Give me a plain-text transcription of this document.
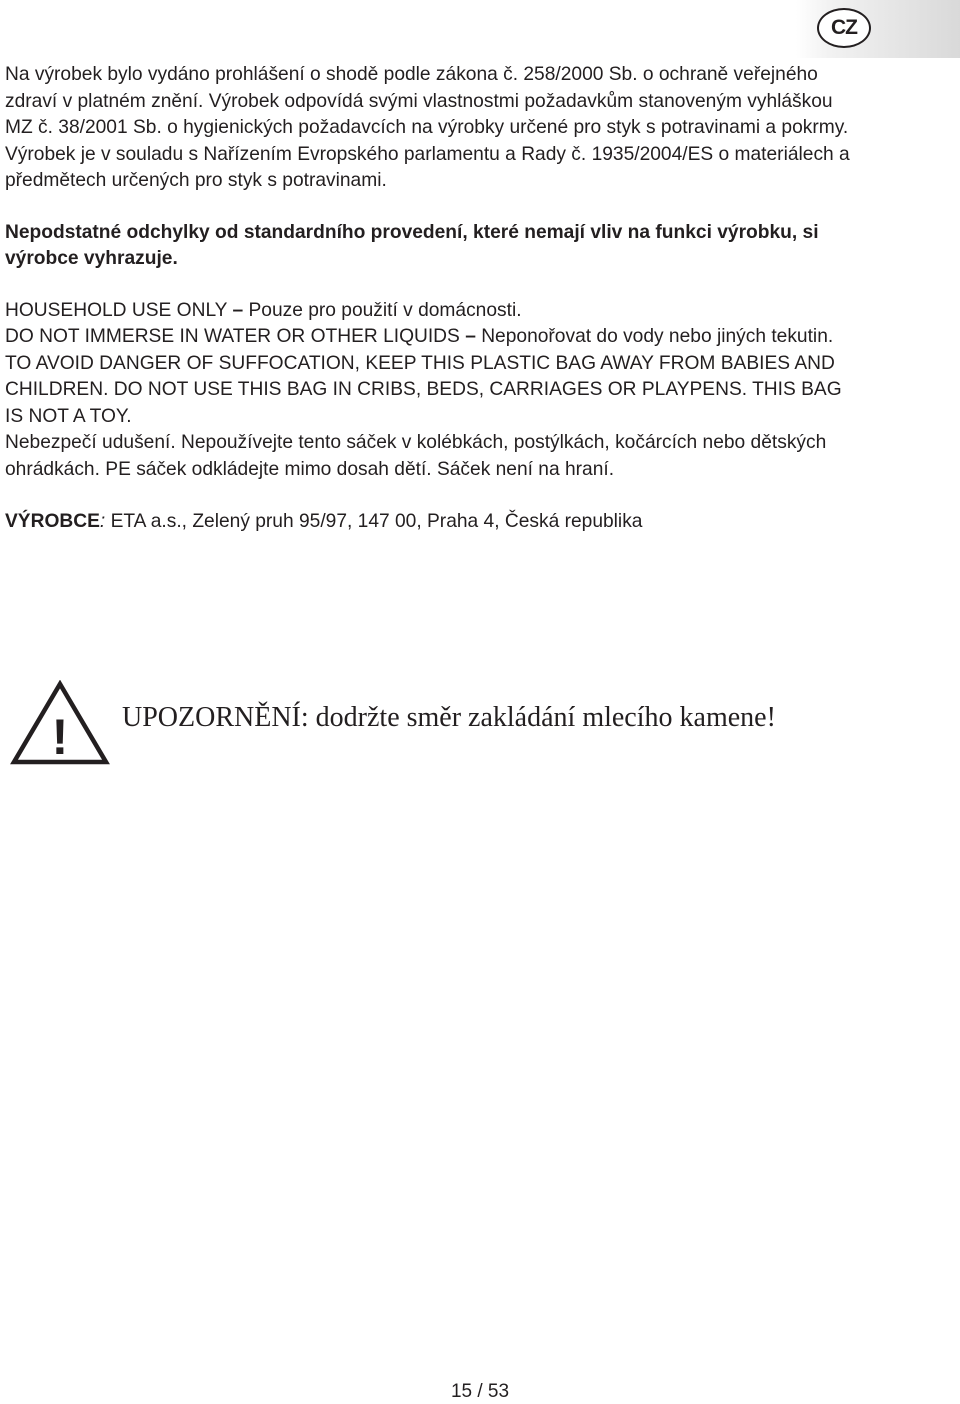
CZ

Na výrobek bylo vydáno prohlášení o shodě podle zákona č. 258/2000 Sb. o ochraně veřejného zdraví v platném znění. Výrobek odpovídá svými vlastnostmi požadavkům stanoveným vyhláškou MZ č. 38/2001 Sb. o hygienických požadavcích na výrobky určené pro styk s potravinami a pokrmy. Výrobek je v souladu s Nařízením Evropského parlamentu a Rady č. 1935/2004/ES o materiálech a předmětech určených pro styk s potravinami.

Nepodstatné odchylky od standardního provedení, které nemají vliv na funkci výrobku, si výrobce vyhrazuje.

HOUSEHOLD USE ONLY – Pouze pro použití v domácnosti.
DO NOT IMMERSE IN WATER OR OTHER LIQUIDS – Neponořovat do vody nebo jiných tekutin. TO AVOID DANGER OF SUFFOCATION, KEEP THIS PLASTIC BAG AWAY FROM BABIES AND CHILDREN. DO NOT USE THIS BAG IN CRIBS, BEDS, CARRIAGES OR PLAYPENS. THIS BAG IS NOT A TOY.
Nebezpečí udušení. Nepoužívejte tento sáček v kolébkách, postýlkách, kočárcích nebo dětských ohrádkách. PE sáček odkládejte mimo dosah dětí. Sáček není na hraní.

VÝROBCE: ETA a.s., Zelený pruh 95/97, 147 00, Praha 4, Česká republika

! UPOZORNĚNÍ: dodržte směr zakládání mlecího kamene!
15 / 53
